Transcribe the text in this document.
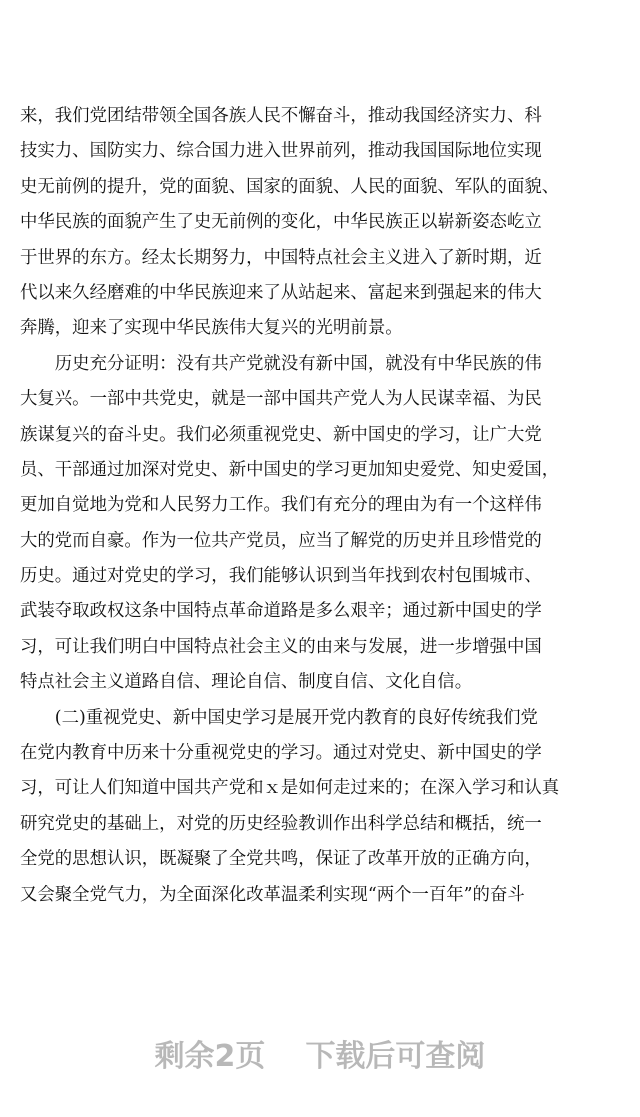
来，我们党团结带领全国各族人民不懈奋斗，推动我国经济实力、科
技实力、国防实力、综合国力进入世界前列，推动我国国际地位实现
史无前例的提升，党的面貌、国家的面貌、人民的面貌、军队的面貌、
中华民族的面貌产生了史无前例的变化，中华民族正以崭新姿态屹立
于世界的东方。经太长期努力，中国特点社会主义进入了新时期，近
代以来久经磨难的中华民族迎来了从站起来、富起来到强起来的伟大
奔腾，迎来了实现中华民族伟大复兴的光明前景。
　　历史充分证明：没有共产党就没有新中国，就没有中华民族的伟
大复兴。一部中共党史，就是一部中国共产党人为人民谋幸福、为民
族谋复兴的奋斗史。我们必须重视党史、新中国史的学习，让广大党
员、干部通过加深对党史、新中国史的学习更加知史爱党、知史爱国，
更加自觉地为党和人民努力工作。我们有充分的理由为有一个这样伟
大的党而自豪。作为一位共产党员，应当了解党的历史并且珍惜党的
历史。通过对党史的学习，我们能够认识到当年找到农村包围城市、
武装夺取政权这条中国特点革命道路是多么艰辛；通过新中国史的学
习，可让我们明白中国特点社会主义的由来与发展，进一步增强中国
特点社会主义道路自信、理论自信、制度自信、文化自信。
　　(二)重视党史、新中国史学习是展开党内教育的良好传统我们党
在党内教育中历来十分重视党史的学习。通过对党史、新中国史的学
习，可让人们知道中国共产党和ｘ是如何走过来的；在深入学习和认真
研究党史的基础上，对党的历史经验教训作出科学总结和概括，统一
全党的思想认识，既凝聚了全党共鸣，保证了改革开放的正确方向，
又会聚全党气力，为全面深化改革温柔利实现“两个一百年”的奋斗
剩余2页 下载后可查阅
